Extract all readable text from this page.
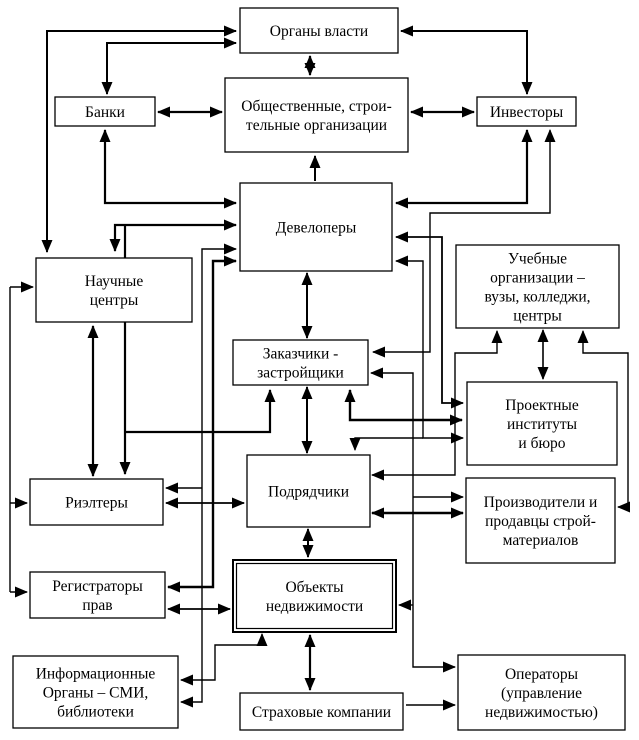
Органы власти
Банки	Общественные, строи-тельные организации
Инвесторы
Девелоперы
Научные центры
Учебные организации – вузы, колледжи, центры
Заказчики -застройщики
Проектные институты и бюро
Риэлтеры
Подрядчики
Производители и продавцы строй-материалов
Регистраторы прав
Объекты недвижимости
Информационные Органы – СМИ, библиотеки	Страховые компании
Операторы (управление недвижимостью)
